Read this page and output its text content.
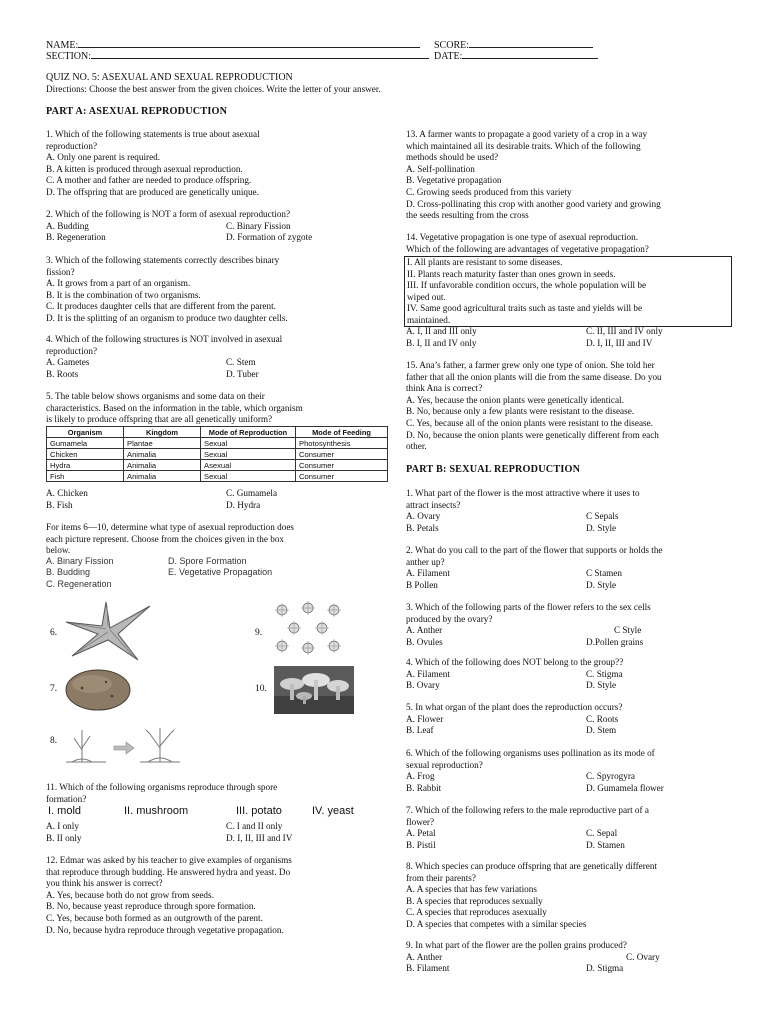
NAME:	SCORE:
SECTION:	DATE:
QUIZ NO. 5: ASEXUAL AND SEXUAL REPRODUCTION
Directions: Choose the best answer from the given choices. Write the letter of your answer.
PART A: ASEXUAL REPRODUCTION
1. Which of the following statements is true about asexual
reproduction?
A. Only one parent is required.
B. A kitten is produced through asexual reproduction.
C. A mother and father are needed to produce offspring.
D. The offspring that are produced are genetically unique.
2. Which of the following is NOT a form of asexual reproduction?
A. Budding	C. Binary Fission
B. Regeneration	D. Formation of zygote
3. Which of the following statements correctly describes binary
fission?
A. It grows from a part of an organism.
B. It is the combination of two organisms.
C. It produces daughter cells that are different from the parent.
D. It is the splitting of an organism to produce two daughter cells.
4. Which of the following structures is NOT involved in asexual
reproduction?
A. Gametes	C. Stem
B. Roots	D. Tuber
5. The table below shows organisms and some data on their
characteristics. Based on the information in the table, which organism
is likely to produce offspring that are all genetically uniform?
Organism	Kingdom	Mode of Reproduction	Mode of Feeding
Gumamela	Plantae	Sexual	Photosynthesis
Chicken	Animalia	Sexual	Consumer
Hydra	Animalia	Asexual	Consumer
Fish	Animalia	Sexual	Consumer
A. Chicken	C. Gumamela
B. Fish	D. Hydra
For items 6—10, determine what type of asexual reproduction does
each picture represent. Choose from the choices given in the box
below.
A. Binary Fission	D. Spore Formation
B. Budding	E. Vegetative Propagation
C. Regeneration
6.
7.
8.
9.
10.
11. Which of the following organisms reproduce through spore
formation?
I. mold	II. mushroom	III. potato	IV. yeast
A. I only	C. I and II only
B. II only	D. I, II, III and IV
12. Edmar was asked by his teacher to give examples of organisms
that reproduce through budding. He answered hydra and yeast. Do
you think his answer is correct?
A. Yes, because both do not grow from seeds.
B. No, because yeast reproduce through spore formation.
C. Yes, because both formed as an outgrowth of the parent.
D. No, because hydra reproduce through vegetative propagation.
13. A farmer wants to propagate a good variety of a crop in a way
which maintained all its desirable traits. Which of the following
methods should be used?
A. Self-pollination
B. Vegetative propagation
C. Growing seeds produced from this variety
D. Cross-pollinating this crop with another good variety and growing
the seeds resulting from the cross
14. Vegetative propagation is one type of asexual reproduction.
Which of the following are advantages of vegetative propagation?
I. All plants are resistant to some diseases.
II. Plants reach maturity faster than ones grown in seeds.
III. If unfavorable condition occurs, the whole population will be
wiped out.
IV. Same good agricultural traits such as taste and yields will be
maintained.
A. I, II and III only	C. II, III and IV only
B. I, II and IV only	D. I, II, III and IV
15. Ana’s father, a farmer grew only one type of onion. She told her
father that all the onion plants will die from the same disease. Do you
think Ana is correct?
A. Yes, because the onion plants were genetically identical.
B. No, because only a few plants were resistant to the disease.
C. Yes, because all of the onion plants were resistant to the disease.
D. No, because the onion plants were genetically different from each
other.
PART B: SEXUAL REPRODUCTION
1. What part of the flower is the most attractive where it uses to
attract insects?
A. Ovary	C Sepals
B. Petals	D. Style
2. What do you call to the part of the flower that supports or holds the
anther up?
A. Filament	C Stamen
B Pollen	D. Style
3. Which of the following parts of the flower refers to the sex cells
produced by the ovary?
A. Anther	C Style
B. Ovules	D.Pollen grains
4. Which of the following does NOT belong to the group??
A. Filament	C. Stigma
B. Ovary	D. Style
5. In what organ of the plant does the reproduction occurs?
A. Flower	C. Roots
B. Leaf	D. Stem
6. Which of the following organisms uses pollination as its mode of
sexual reproduction?
A. Frog	C. Spyrogyra
B. Rabbit	D. Gumamela flower
7. Which of the following refers to the male reproductive part of a
flower?
A. Petal	C. Sepal
B. Pistil	D. Stamen
8. Which species can produce offspring that are genetically different
from their parents?
A. A species that has few variations
B. A species that reproduces sexually
C. A species that reproduces asexually
D. A species that competes with a similar species
9. In what part of the flower are the pollen grains produced?
A. Anther	C. Ovary
B. Filament	D. Stigma
